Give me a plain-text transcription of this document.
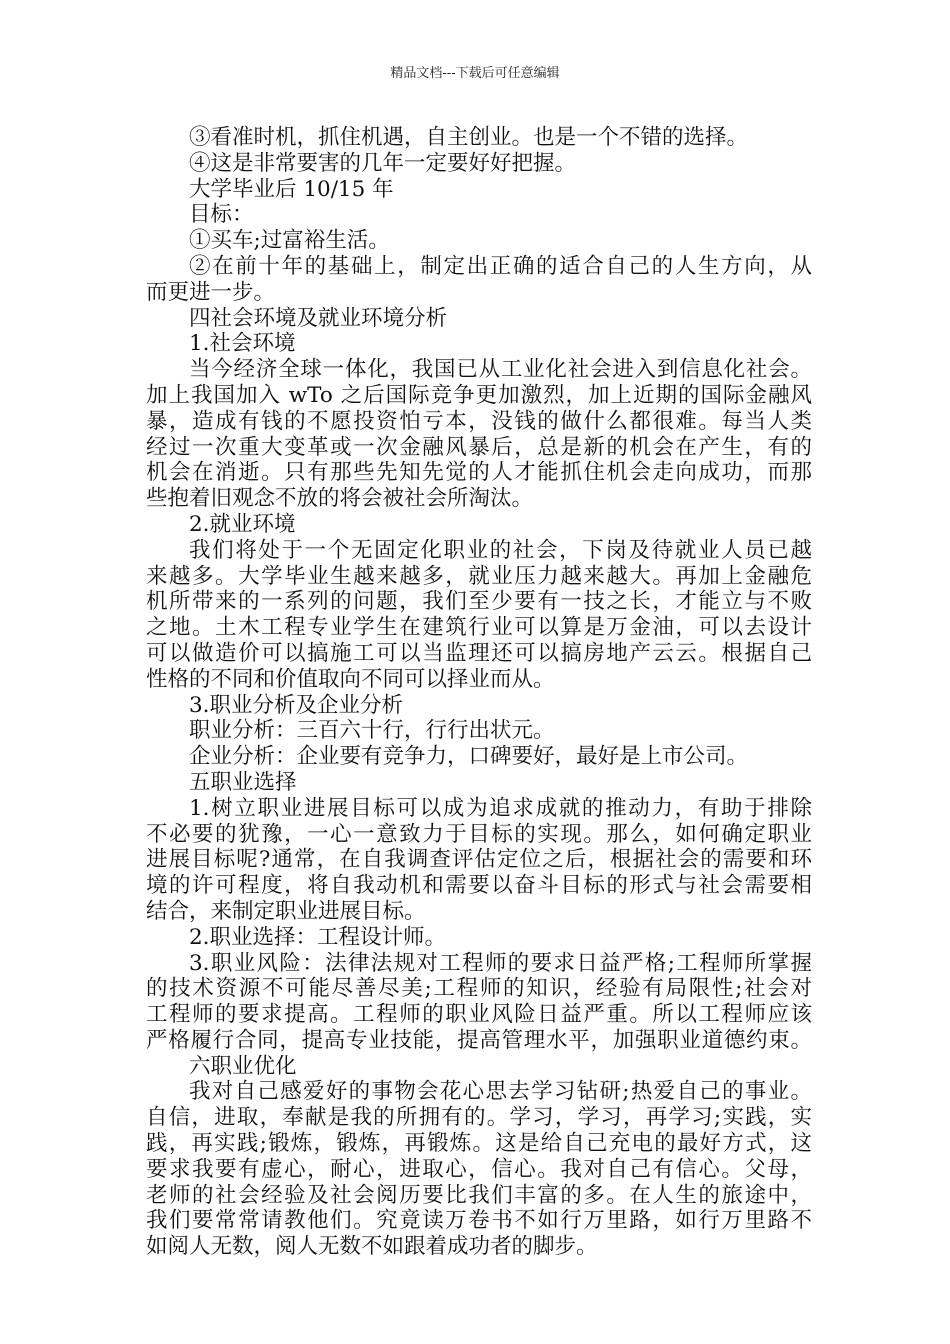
精品文档---下载后可任意编辑
③看准时机，抓住机遇，自主创业。也是一个不错的选择。
④这是非常要害的几年一定要好好把握。
大学毕业后 10/15 年
目标：
①买车;过富裕生活。
②在前十年的基础上，制定出正确的适合自己的人生方向，从
而更进一步。
四社会环境及就业环境分析
1.社会环境
当今经济全球一体化，我国已从工业化社会进入到信息化社会。
加上我国加入 wTo 之后国际竞争更加激烈，加上近期的国际金融风
暴，造成有钱的不愿投资怕亏本，没钱的做什么都很难。每当人类
经过一次重大变革或一次金融风暴后，总是新的机会在产生，有的
机会在消逝。只有那些先知先觉的人才能抓住机会走向成功，而那
些抱着旧观念不放的将会被社会所淘汰。
2.就业环境
我们将处于一个无固定化职业的社会，下岗及待就业人员已越
来越多。大学毕业生越来越多，就业压力越来越大。再加上金融危
机所带来的一系列的问题，我们至少要有一技之长，才能立与不败
之地。土木工程专业学生在建筑行业可以算是万金油，可以去设计
可以做造价可以搞施工可以当监理还可以搞房地产云云。根据自己
性格的不同和价值取向不同可以择业而从。
3.职业分析及企业分析
职业分析：三百六十行，行行出状元。
企业分析：企业要有竞争力，口碑要好，最好是上市公司。
五职业选择
1.树立职业进展目标可以成为追求成就的推动力，有助于排除
不必要的犹豫，一心一意致力于目标的实现。那么，如何确定职业
进展目标呢?通常，在自我调查评估定位之后，根据社会的需要和环
境的许可程度，将自我动机和需要以奋斗目标的形式与社会需要相
结合，来制定职业进展目标。
2.职业选择：工程设计师。
3.职业风险：法律法规对工程师的要求日益严格;工程师所掌握
的技术资源不可能尽善尽美;工程师的知识，经验有局限性;社会对
工程师的要求提高。工程师的职业风险日益严重。所以工程师应该
严格履行合同，提高专业技能，提高管理水平，加强职业道德约束。
六职业优化
我对自己感爱好的事物会花心思去学习钻研;热爱自己的事业。
自信，进取，奉献是我的所拥有的。学习，学习，再学习;实践，实
践，再实践;锻炼，锻炼，再锻炼。这是给自己充电的最好方式，这
要求我要有虚心，耐心，进取心，信心。我对自己有信心。父母，
老师的社会经验及社会阅历要比我们丰富的多。在人生的旅途中，
我们要常常请教他们。究竟读万卷书不如行万里路，如行万里路不
如阅人无数，阅人无数不如跟着成功者的脚步。
